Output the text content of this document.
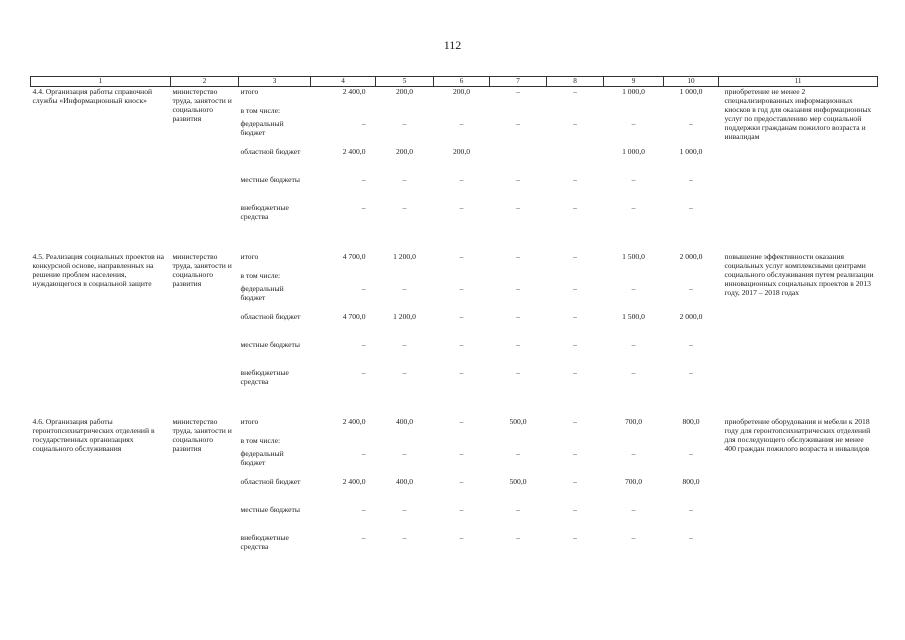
112
1	2	3	4	5	6	7	8	9	10	11
4.4. Организация работы справочной службы «Информационный киоск»	министерство труда, занятости и социального развития	итого	2 400,0	200,0	200,0	–	–	1 000,0	1 000,0	приобретение не менее 2 специализированных информационных киосков в год для оказания информационных услуг по предоставлению мер социальной поддержки гражданам пожилого возраста и инвалидам
		в том числе:								
		федеральный бюджет	–	–	–	–	–	–	–	
		областной бюджет	2 400,0	200,0	200,0			1 000,0	1 000,0	
		местные бюджеты	–	–	–	–	–	–	–	
		внебюджетные средства	–	–	–	–	–	–	–	

4.5. Реализация социальных проектов на конкурсной основе, направленных на решение проблем населения, нуждающегося в социальной защите	министерство труда, занятости и социального развития	итого	4 700,0	1 200,0	–	–	–	1 500,0	2 000,0	повышение эффективности оказания социальных услуг комплексными центрами социального обслуживания путем реализации инновационных социальных проектов в 2013 году, 2017 – 2018 годах
		в том числе:								
		федеральный бюджет	–	–	–	–	–	–	–	
		областной бюджет	4 700,0	1 200,0	–	–	–	1 500,0	2 000,0	
		местные бюджеты	–	–	–	–	–	–	–	
		внебюджетные средства	–	–	–	–	–	–	–	

4.6. Организация работы геронтопсихиатрических отделений в государственных организациях социального обслуживания	министерство труда, занятости и социального развития	итого	2 400,0	400,0	–	500,0	–	700,0	800,0	приобретение оборудования и мебели к 2018 году для геронтопсихиатрических отделений для последующего обслуживания не менее 400 граждан пожилого возраста и инвалидов
		в том числе:								
		федеральный бюджет	–	–	–	–	–	–	–	
		областной бюджет	2 400,0	400,0	–	500,0	–	700,0	800,0	
		местные бюджеты	–	–	–	–	–	–	–	
		внебюджетные средства	–	–	–	–	–	–	–	
